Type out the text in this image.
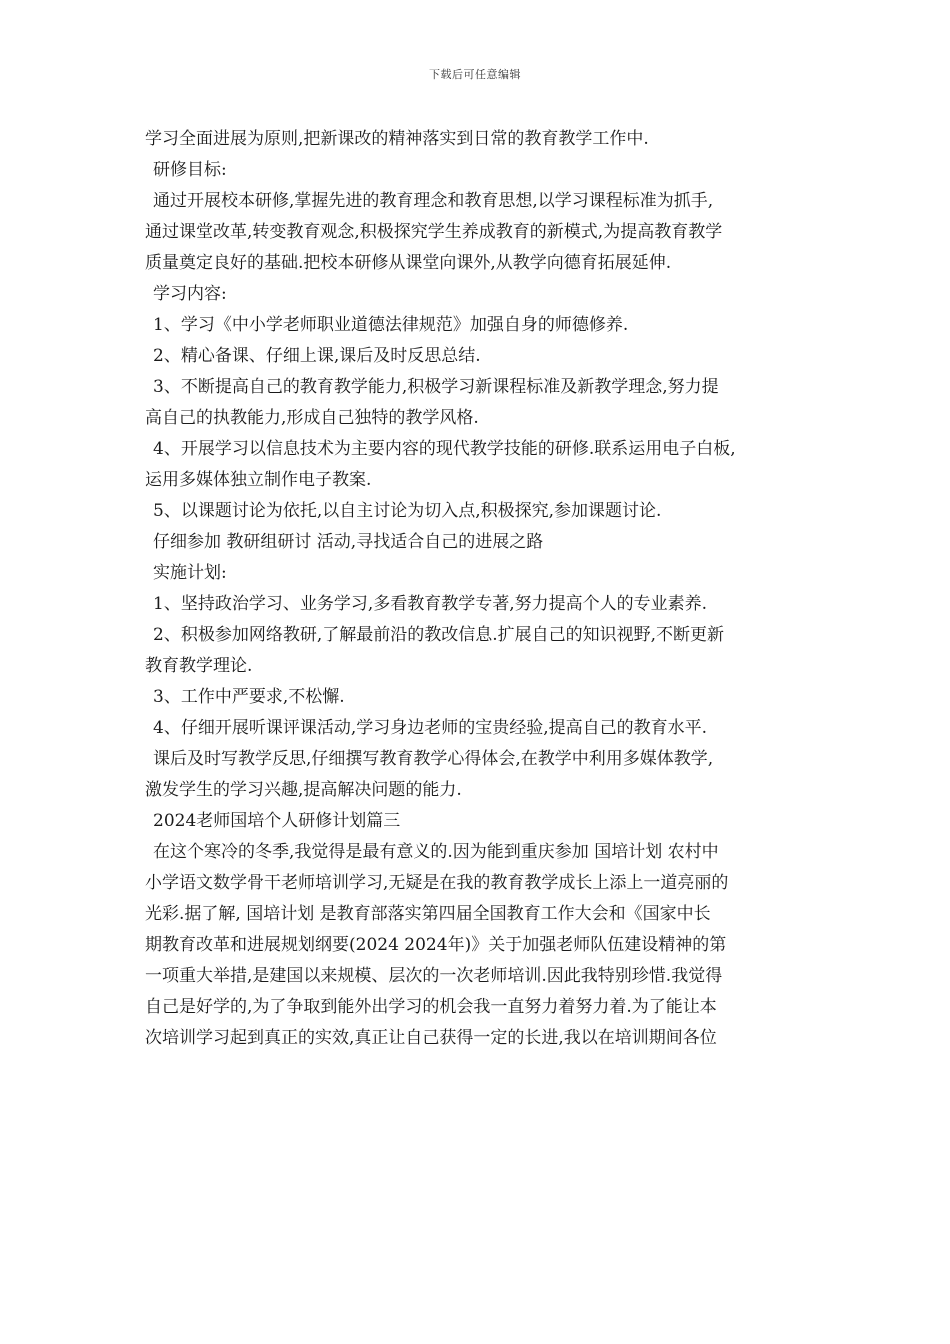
下载后可任意编辑
学习全面进展为原则,把新课改的精神落实到日常的教育教学工作中.
研修目标:
通过开展校本研修,掌握先进的教育理念和教育思想,以学习课程标准为抓手,
通过课堂改革,转变教育观念,积极探究学生养成教育的新模式,为提高教育教学
质量奠定良好的基础.把校本研修从课堂向课外,从教学向德育拓展延伸.
学习内容:
1、学习《中小学老师职业道德法律规范》加强自身的师德修养.
2、精心备课、仔细上课,课后及时反思总结.
3、不断提高自己的教育教学能力,积极学习新课程标准及新教学理念,努力提
高自己的执教能力,形成自己独特的教学风格.
4、开展学习以信息技术为主要内容的现代教学技能的研修.联系运用电子白板,
运用多媒体独立制作电子教案.
5、以课题讨论为依托,以自主讨论为切入点,积极探究,参加课题讨论.
仔细参加 教研组研讨 活动,寻找适合自己的进展之路
实施计划:
1、坚持政治学习、业务学习,多看教育教学专著,努力提高个人的专业素养.
2、积极参加网络教研,了解最前沿的教改信息.扩展自己的知识视野,不断更新
教育教学理论.
3、工作中严要求,不松懈.
4、仔细开展听课评课活动,学习身边老师的宝贵经验,提高自己的教育水平.
课后及时写教学反思,仔细撰写教育教学心得体会,在教学中利用多媒体教学,
激发学生的学习兴趣,提高解决问题的能力.
2024老师国培个人研修计划篇三
在这个寒冷的冬季,我觉得是最有意义的.因为能到重庆参加 国培计划 农村中
小学语文数学骨干老师培训学习,无疑是在我的教育教学成长上添上一道亮丽的
光彩.据了解, 国培计划 是教育部落实第四届全国教育工作大会和《国家中长
期教育改革和进展规划纲要(2024 2024年)》关于加强老师队伍建设精神的第
一项重大举措,是建国以来规模、层次的一次老师培训.因此我特别珍惜.我觉得
自己是好学的,为了争取到能外出学习的机会我一直努力着努力着.为了能让本
次培训学习起到真正的实效,真正让自己获得一定的长进,我以在培训期间各位
